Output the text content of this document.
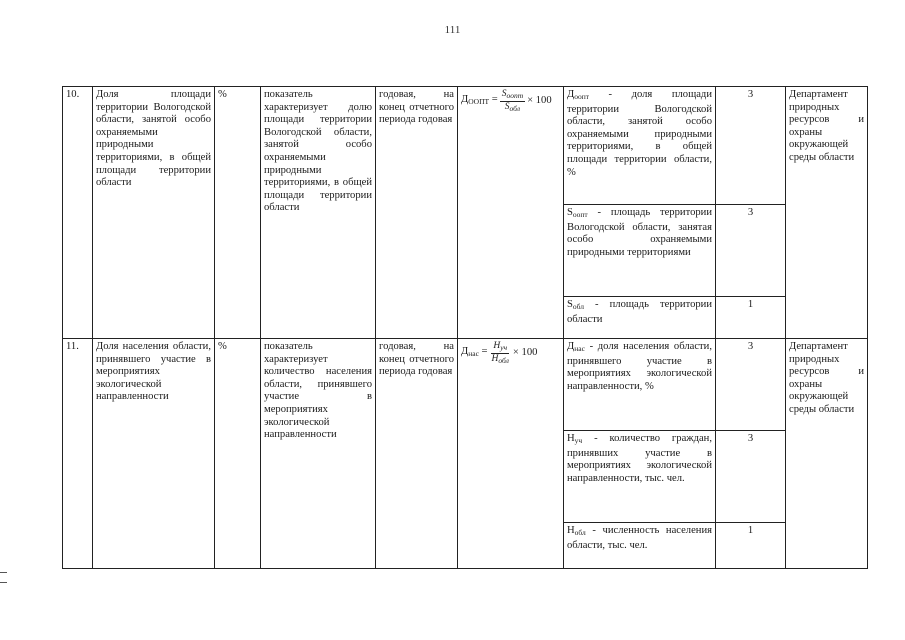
111
10.	Доля площади территории Вологодской области, занятой особо охраняемыми природными территориями, в общей площади территории области	%	показатель характеризует долю площади территории Вологодской области, занятой особо охраняемыми природными территориями, в общей площади территории области	годовая, на конец отчетного периода годовая	$Д_{ООПТ} = \frac{S_{оопт}}{S_{обл}} \times 100$	$Д_{оопт}$ - доля площади территории Вологодской области, занятой особо охраняемыми природными территориями, в общей площади территории области, %	3	Департамент природных ресурсов и охраны окружающей среды области
						$S_{оопт}$ - площадь территории Вологодской области, занятая особо охраняемыми природными территориями	3	
						$S_{обл}$ - площадь территории области	1	
11.	Доля населения области, принявшего участие в мероприятиях экологической направленности	%	показатель характеризует количество населения области, принявшего участие в мероприятиях экологической направленности	годовая, на конец отчетного периода годовая	$Д_{нас} = \frac{Н_{уч}}{Н_{обл}} \times 100$	$Д_{нас}$ - доля населения области, принявшего участие в мероприятиях экологической направленности, %	3	Департамент природных ресурсов и охраны окружающей среды области
						$Н_{уч}$ - количество граждан, принявших участие в мероприятиях экологической направленности, тыс. чел.	3	
						$Н_{обл}$ - численность населения области, тыс. чел.	1	
